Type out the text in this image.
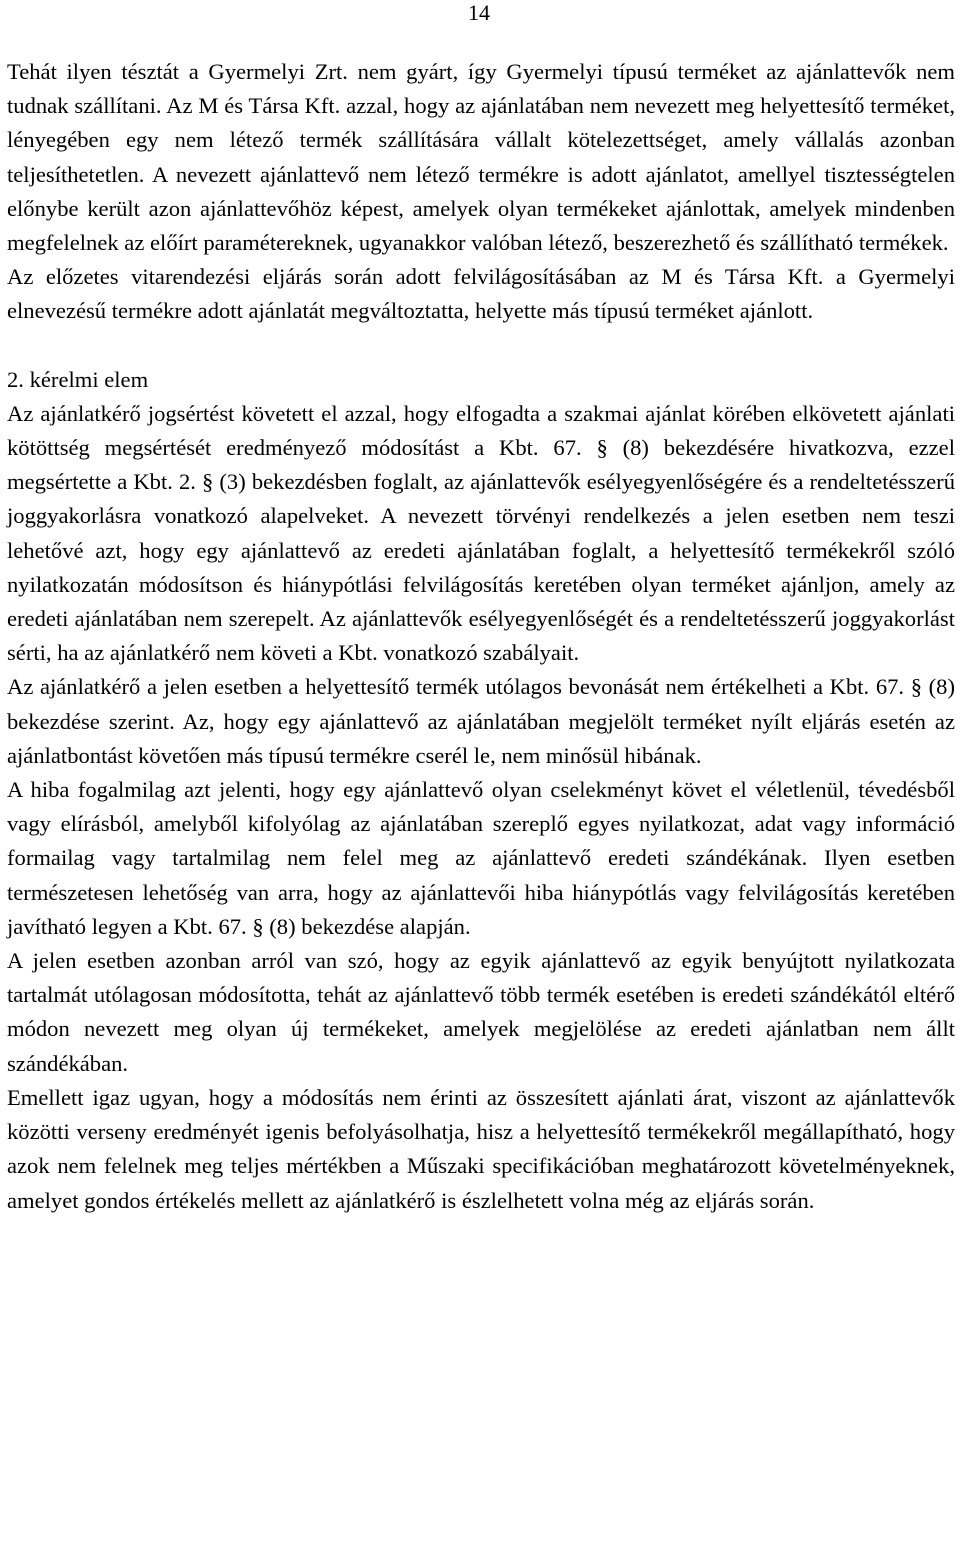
14

Tehát ilyen tésztát a Gyermelyi Zrt. nem gyárt, így Gyermelyi típusú terméket az ajánlattevők nem tudnak szállítani. Az M és Társa Kft. azzal, hogy az ajánlatában nem nevezett meg helyettesítő terméket, lényegében egy nem létező termék szállítására vállalt kötelezettséget, amely vállalás azonban teljesíthetetlen. A nevezett ajánlattevő nem létező termékre is adott ajánlatot, amellyel tisztességtelen előnybe került azon ajánlattevőhöz képest, amelyek olyan termékeket ajánlottak, amelyek mindenben megfelelnek az előírt paramétereknek, ugyanakkor valóban létező, beszerezhető és szállítható termékek.

Az előzetes vitarendezési eljárás során adott felvilágosításában az M és Társa Kft. a Gyermelyi elnevezésű termékre adott ajánlatát megváltoztatta, helyette más típusú terméket ajánlott.

2. kérelmi elem

Az ajánlatkérő jogsértést követett el azzal, hogy elfogadta a szakmai ajánlat körében elkövetett ajánlati kötöttség megsértését eredményező módosítást a Kbt. 67. § (8) bekezdésére hivatkozva, ezzel megsértette a Kbt. 2. § (3) bekezdésben foglalt, az ajánlattevők esélyegyenlőségére és a rendeltetésszerű joggyakorlásra vonatkozó alapelveket. A nevezett törvényi rendelkezés a jelen esetben nem teszi lehetővé azt, hogy egy ajánlattevő az eredeti ajánlatában foglalt, a helyettesítő termékekről szóló nyilatkozatán módosítson és hiánypótlási felvilágosítás keretében olyan terméket ajánljon, amely az eredeti ajánlatában nem szerepelt. Az ajánlattevők esélyegyenlőségét és a rendeltetésszerű joggyakorlást sérti, ha az ajánlatkérő nem követi a Kbt. vonatkozó szabályait.

Az ajánlatkérő a jelen esetben a helyettesítő termék utólagos bevonását nem értékelheti a Kbt. 67. § (8) bekezdése szerint. Az, hogy egy ajánlattevő az ajánlatában megjelölt terméket nyílt eljárás esetén az ajánlatbontást követően más típusú termékre cserél le, nem minősül hibának.

A hiba fogalmilag azt jelenti, hogy egy ajánlattevő olyan cselekményt követ el véletlenül, tévedésből vagy elírásból, amelyből kifolyólag az ajánlatában szereplő egyes nyilatkozat, adat vagy információ formailag vagy tartalmilag nem felel meg az ajánlattevő eredeti szándékának. Ilyen esetben természetesen lehetőség van arra, hogy az ajánlattevői hiba hiánypótlás vagy felvilágosítás keretében javítható legyen a Kbt. 67. § (8) bekezdése alapján.

A jelen esetben azonban arról van szó, hogy az egyik ajánlattevő az egyik benyújtott nyilatkozata tartalmát utólagosan módosította, tehát az ajánlattevő több termék esetében is eredeti szándékától eltérő módon nevezett meg olyan új termékeket, amelyek megjelölése az eredeti ajánlatban nem állt szándékában.

Emellett igaz ugyan, hogy a módosítás nem érinti az összesített ajánlati árat, viszont az ajánlattevők közötti verseny eredményét igenis befolyásolhatja, hisz a helyettesítő termékekről megállapítható, hogy azok nem felelnek meg teljes mértékben a Műszaki specifikációban meghatározott követelményeknek, amelyet gondos értékelés mellett az ajánlatkérő is észlelhetett volna még az eljárás során.
